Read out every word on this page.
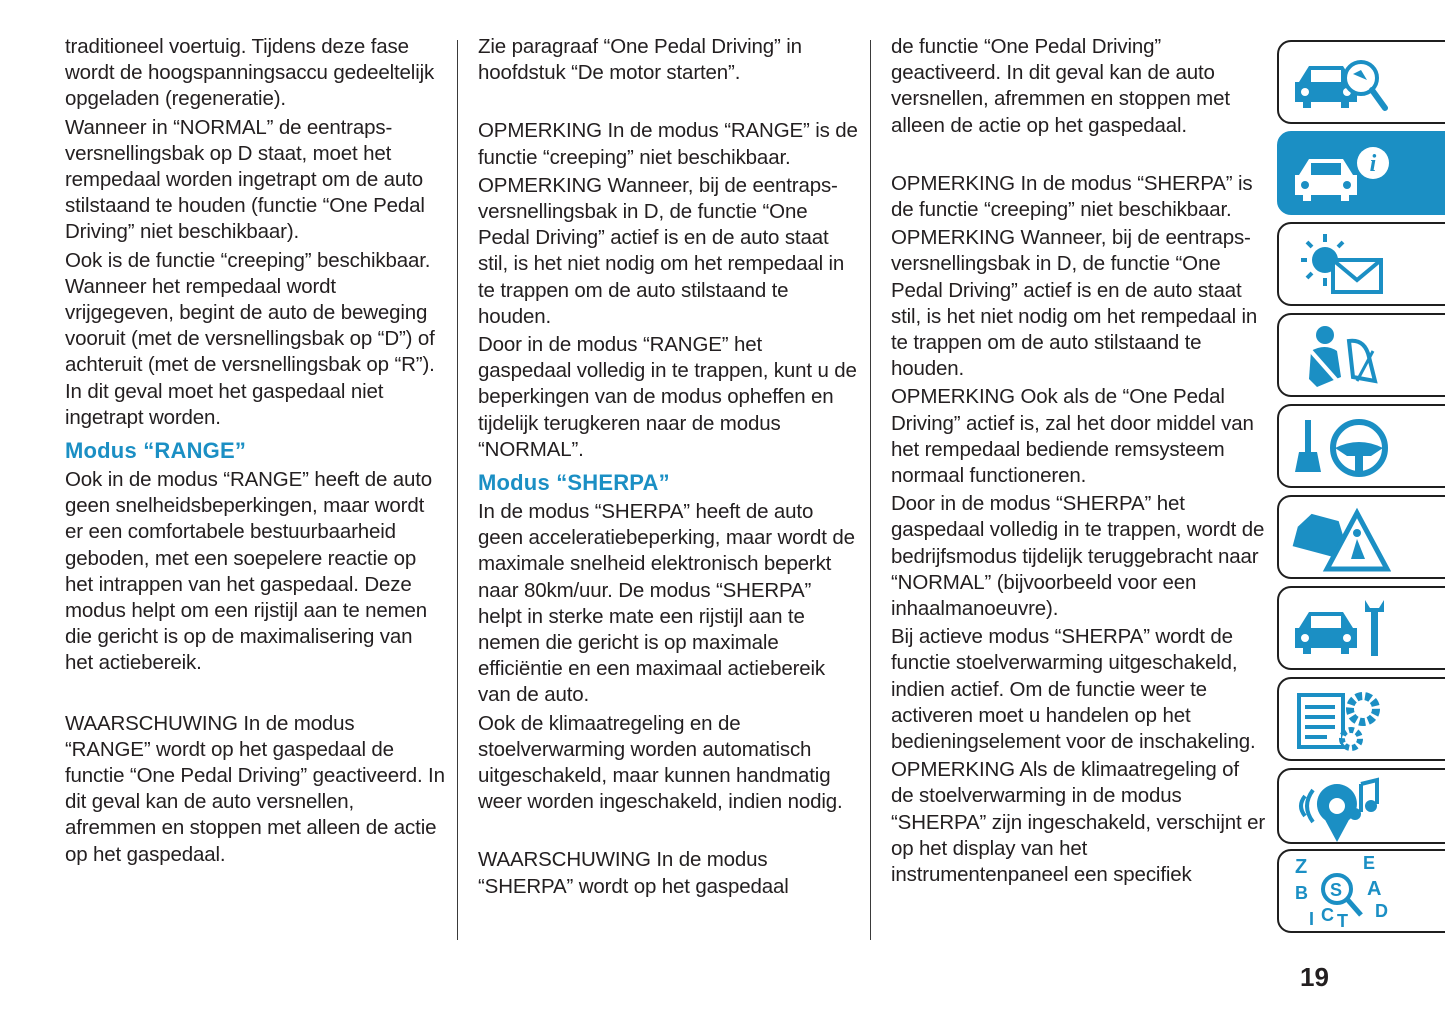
traditioneel voertuig. Tijdens deze fase wordt de hoogspanningsaccu gedeeltelijk opgeladen (regeneratie).

Wanneer in “NORMAL” de eentraps-versnellingsbak op D staat, moet het rempedaal worden ingetrapt om de auto stilstaand te houden (functie “One Pedal Driving” niet beschikbaar).

Ook is de functie “creeping” beschikbaar. Wanneer het rempedaal wordt vrijgegeven, begint de auto de beweging vooruit (met de versnellingsbak op “D”) of achteruit (met de versnellingsbak op “R”). In dit geval moet het gaspedaal niet ingetrapt worden.

Modus “RANGE”

Ook in de modus “RANGE” heeft de auto geen snelheidsbeperkingen, maar wordt er een comfortabele bestuurbaarheid geboden, met een soepelere reactie op het intrappen van het gaspedaal. Deze modus helpt om een rijstijl aan te nemen die gericht is op de maximalisering van het actiebereik.

WAARSCHUWING In de modus “RANGE” wordt op het gaspedaal de functie “One Pedal Driving” geactiveerd. In dit geval kan de auto versnellen, afremmen en stoppen met alleen de actie op het gaspedaal.

Zie paragraaf “One Pedal Driving” in hoofdstuk “De motor starten”.

OPMERKING In de modus “RANGE” is de functie “creeping” niet beschikbaar.

OPMERKING Wanneer, bij de eentraps-versnellingsbak in D, de functie “One Pedal Driving” actief is en de auto staat stil, is het niet nodig om het rempedaal in te trappen om de auto stilstaand te houden.

Door in de modus “RANGE” het gaspedaal volledig in te trappen, kunt u de beperkingen van de modus opheffen en tijdelijk terugkeren naar de modus “NORMAL”.

Modus “SHERPA”

In de modus “SHERPA” heeft de auto geen acceleratiebeperking, maar wordt de maximale snelheid elektronisch beperkt naar 80km/uur. De modus “SHERPA” helpt in sterke mate een rijstijl aan te nemen die gericht is op maximale efficiëntie en een maximaal actiebereik van de auto.

Ook de klimaatregeling en de stoelverwarming worden automatisch uitgeschakeld, maar kunnen handmatig weer worden ingeschakeld, indien nodig.

WAARSCHUWING In de modus “SHERPA” wordt op het gaspedaal

de functie “One Pedal Driving” geactiveerd. In dit geval kan de auto versnellen, afremmen en stoppen met alleen de actie op het gaspedaal.

OPMERKING In de modus “SHERPA” is de functie “creeping” niet beschikbaar.

OPMERKING Wanneer, bij de eentraps-versnellingsbak in D, de functie “One Pedal Driving” actief is en de auto staat stil, is het niet nodig om het rempedaal in te trappen om de auto stilstaand te houden.

OPMERKING Ook als de “One Pedal Driving” actief is, zal het door middel van het rempedaal bediende remsysteem normaal functioneren.

Door in de modus “SHERPA” het gaspedaal volledig in te trappen, wordt de bedrijfsmodus tijdelijk teruggebracht naar “NORMAL” (bijvoorbeeld voor een inhaalmanoeuvre).

Bij actieve modus “SHERPA” wordt de functie stoelverwarming uitgeschakeld, indien actief. Om de functie weer te activeren moet u handelen op het bedieningselement voor de inschakeling.

OPMERKING Als de klimaatregeling of de stoelverwarming in de modus “SHERPA” zijn ingeschakeld, verschijnt er op het display van het instrumentenpaneel een specifiek

i
Z	E
B	A
I C T D
S
19
